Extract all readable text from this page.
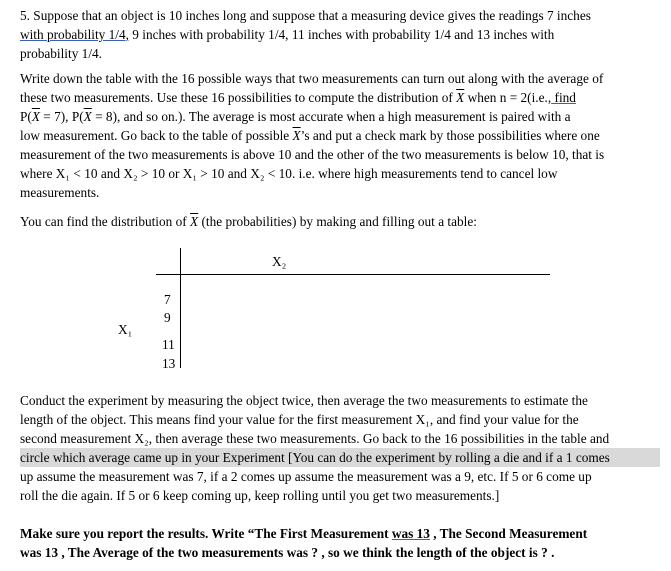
5. Suppose that an object is 10 inches long and suppose that a measuring device gives the readings 7 inches
with probability 1/4, 9 inches with probability 1/4, 11 inches with probability 1/4 and 13 inches with
probability 1/4.
Write down the table with the 16 possible ways that two measurements can turn out along with the average of
these two measurements. Use these 16 possibilities to compute the distribution of $\overline{X}$ when n = 2(i.e., find
$P(\overline{X} = 7)$, $P(\overline{X} = 8)$, and so on.). The average is most accurate when a high measurement is paired with a
low measurement. Go back to the table of possible $\overline{X}’s$ and put a check mark by those possibilities where one
measurement of the two measurements is above 10 and the other of the two measurements is below 10, that is
where X₁ < 10 and X₂ > 10 or X₁ > 10 and X₂ < 10. i.e. where high measurements tend to cancel low
measurements.
You can find the distribution of $\overline{X}$ (the probabilities) by making and filling out a table:
X₂
X₁
7
9
11
13
Conduct the experiment by measuring the object twice, then average the two measurements to estimate the
length of the object. This means find your value for the first measurement X₁, and find your value for the
second measurement X₂, then average these two measurements. Go back to the 16 possibilities in the table and
circle which average came up in your Experiment [You can do the experiment by rolling a die and if a 1 comes
up assume the measurement was 7, if a 2 comes up assume the measurement was a 9, etc. If 5 or 6 come up
roll the die again. If 5 or 6 keep coming up, keep rolling until you get two measurements.]
Make sure you report the results. Write “The First Measurement was 13 , The Second Measurement
was 13 , The Average of the two measurements was ? , so we think the length of the object is ? .
